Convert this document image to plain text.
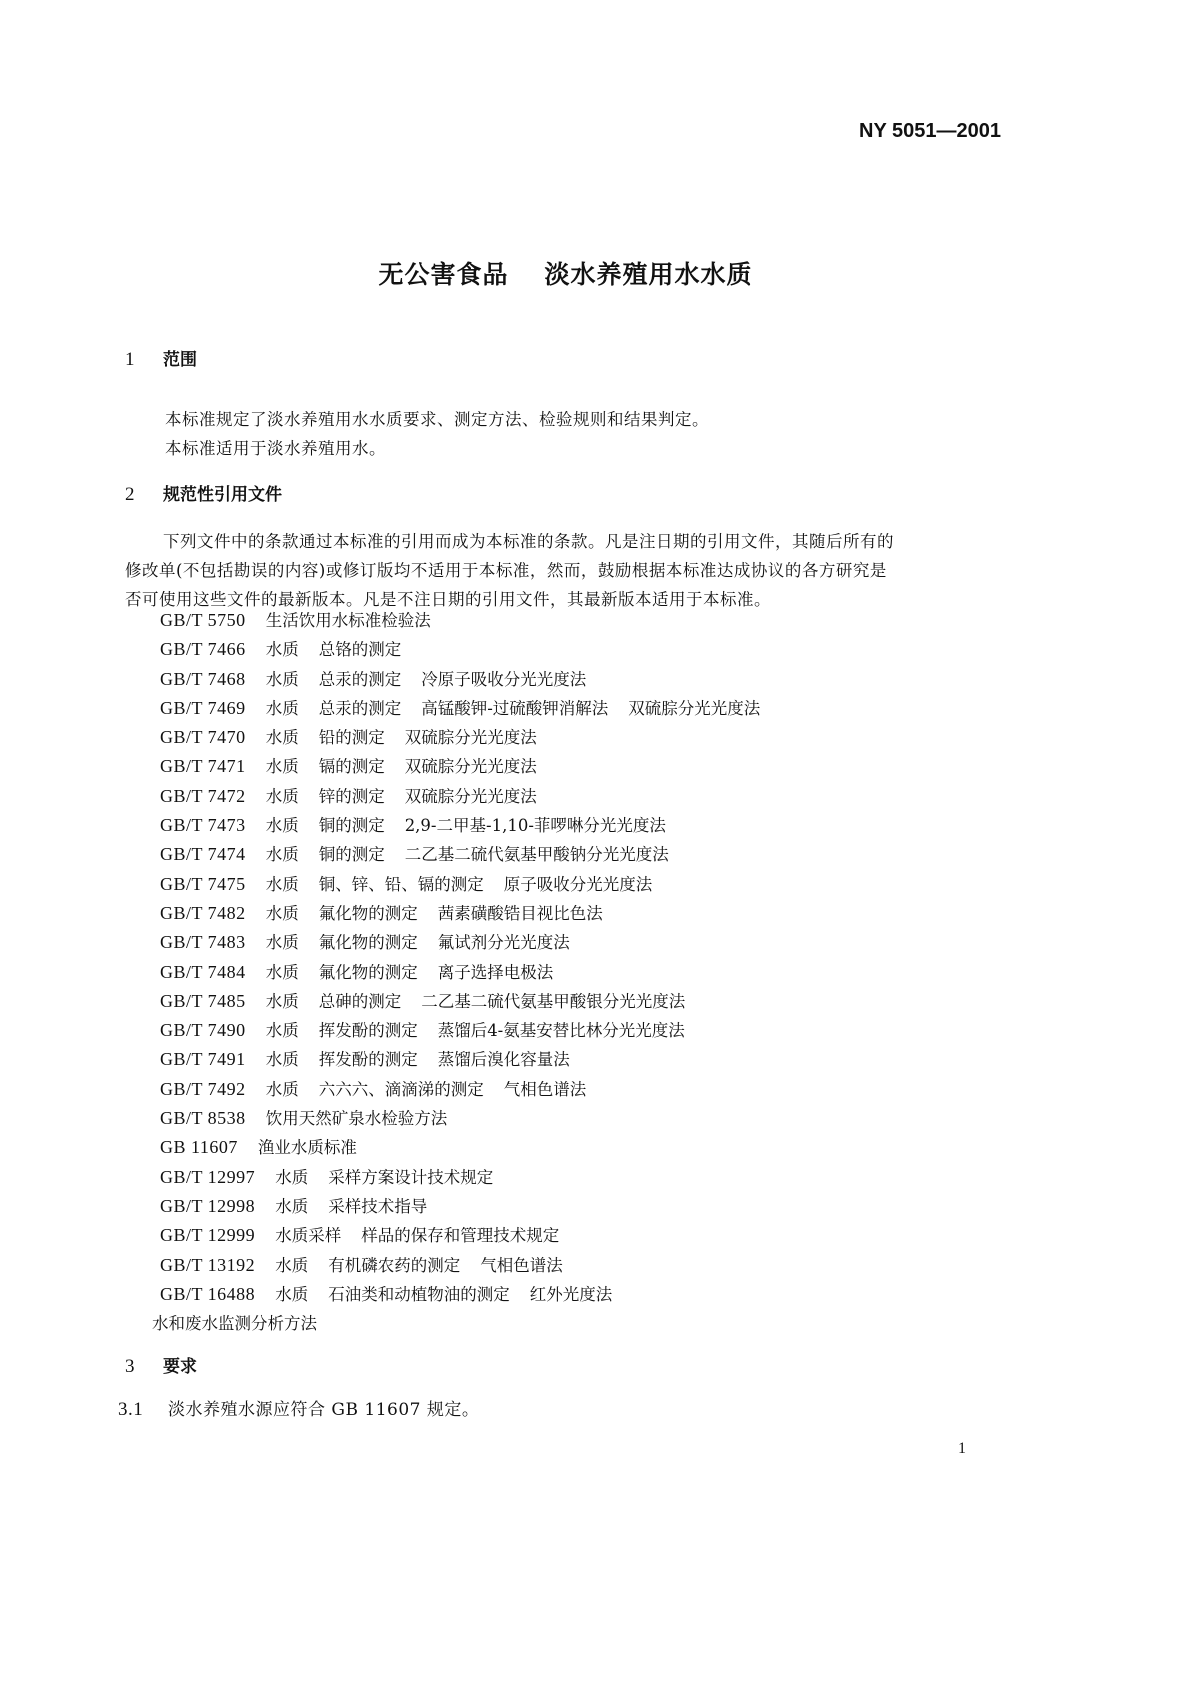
NY 5051—2001
无公害食品 淡水养殖用水水质
1 范围
本标准规定了淡水养殖用水水质要求、测定方法、检验规则和结果判定。
本标准适用于淡水养殖用水。
2 规范性引用文件
下列文件中的条款通过本标准的引用而成为本标准的条款。凡是注日期的引用文件，其随后所有的
修改单(不包括勘误的内容)或修订版均不适用于本标准，然而，鼓励根据本标准达成协议的各方研究是
否可使用这些文件的最新版本。凡是不注日期的引用文件，其最新版本适用于本标准。
GB/T 5750 生活饮用水标准检验法
GB/T 7466 水质 总铬的测定
GB/T 7468 水质 总汞的测定 冷原子吸收分光光度法
GB/T 7469 水质 总汞的测定 高锰酸钾-过硫酸钾消解法 双硫腙分光光度法
GB/T 7470 水质 铅的测定 双硫腙分光光度法
GB/T 7471 水质 镉的测定 双硫腙分光光度法
GB/T 7472 水质 锌的测定 双硫腙分光光度法
GB/T 7473 水质 铜的测定 2,9-二甲基-1,10-菲啰啉分光光度法
GB/T 7474 水质 铜的测定 二乙基二硫代氨基甲酸钠分光光度法
GB/T 7475 水质 铜、锌、铅、镉的测定 原子吸收分光光度法
GB/T 7482 水质 氟化物的测定 茜素磺酸锆目视比色法
GB/T 7483 水质 氟化物的测定 氟试剂分光光度法
GB/T 7484 水质 氟化物的测定 离子选择电极法
GB/T 7485 水质 总砷的测定 二乙基二硫代氨基甲酸银分光光度法
GB/T 7490 水质 挥发酚的测定 蒸馏后4-氨基安替比林分光光度法
GB/T 7491 水质 挥发酚的测定 蒸馏后溴化容量法
GB/T 7492 水质 六六六、滴滴涕的测定 气相色谱法
GB/T 8538 饮用天然矿泉水检验方法
GB 11607 渔业水质标准
GB/T 12997 水质 采样方案设计技术规定
GB/T 12998 水质 采样技术指导
GB/T 12999 水质采样 样品的保存和管理技术规定
GB/T 13192 水质 有机磷农药的测定 气相色谱法
GB/T 16488 水质 石油类和动植物油的测定 红外光度法
水和废水监测分析方法
3 要求
3.1 淡水养殖水源应符合 GB 11607 规定。
1
